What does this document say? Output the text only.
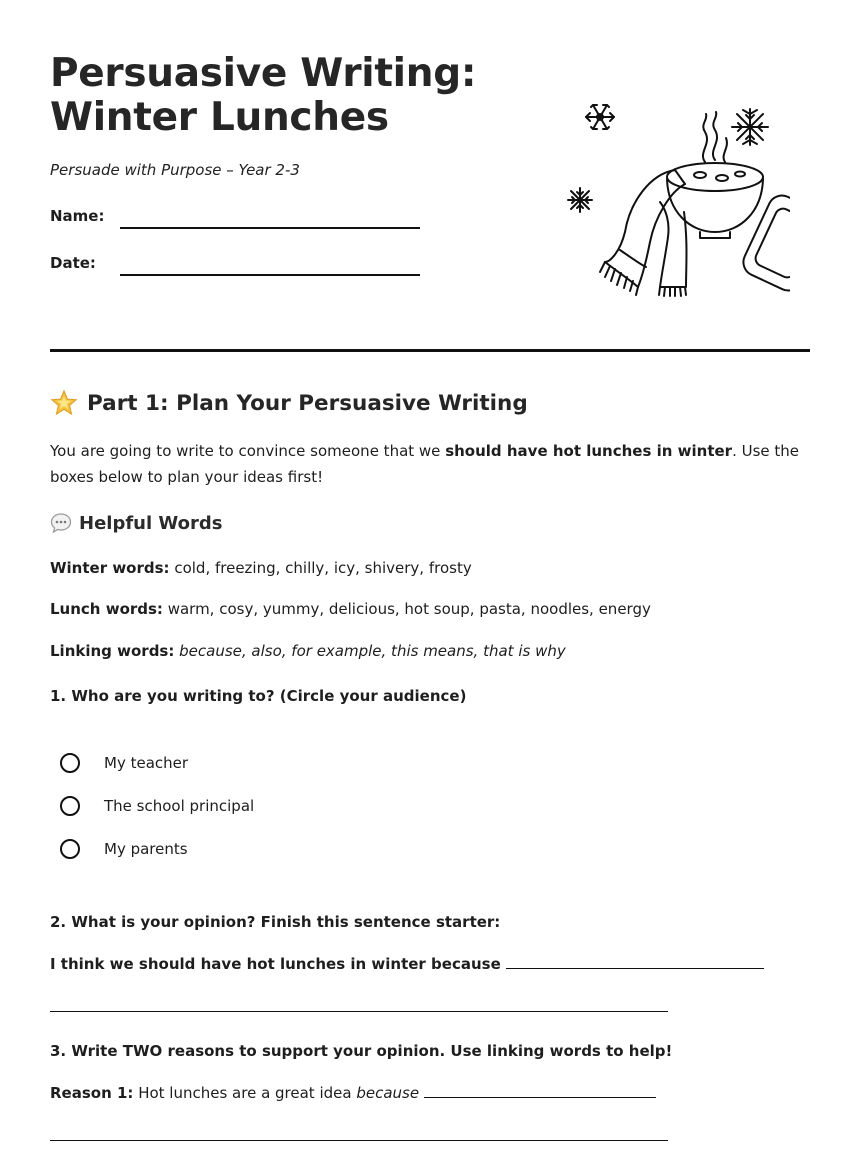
Persuasive Writing:
Winter Lunches
Persuade with Purpose – Year 2-3
Name:
Date:
Part 1: Plan Your Persuasive Writing
You are going to write to convince someone that we should have hot lunches in winter. Use the boxes below to plan your ideas first!
Helpful Words
Winter words: cold, freezing, chilly, icy, shivery, frosty
Lunch words: warm, cosy, yummy, delicious, hot soup, pasta, noodles, energy
Linking words: because, also, for example, this means, that is why
1. Who are you writing to? (Circle your audience)
My teacher
The school principal
My parents
2. What is your opinion? Finish this sentence starter:
I think we should have hot lunches in winter because
3. Write TWO reasons to support your opinion. Use linking words to help!
Reason 1: Hot lunches are a great idea because
